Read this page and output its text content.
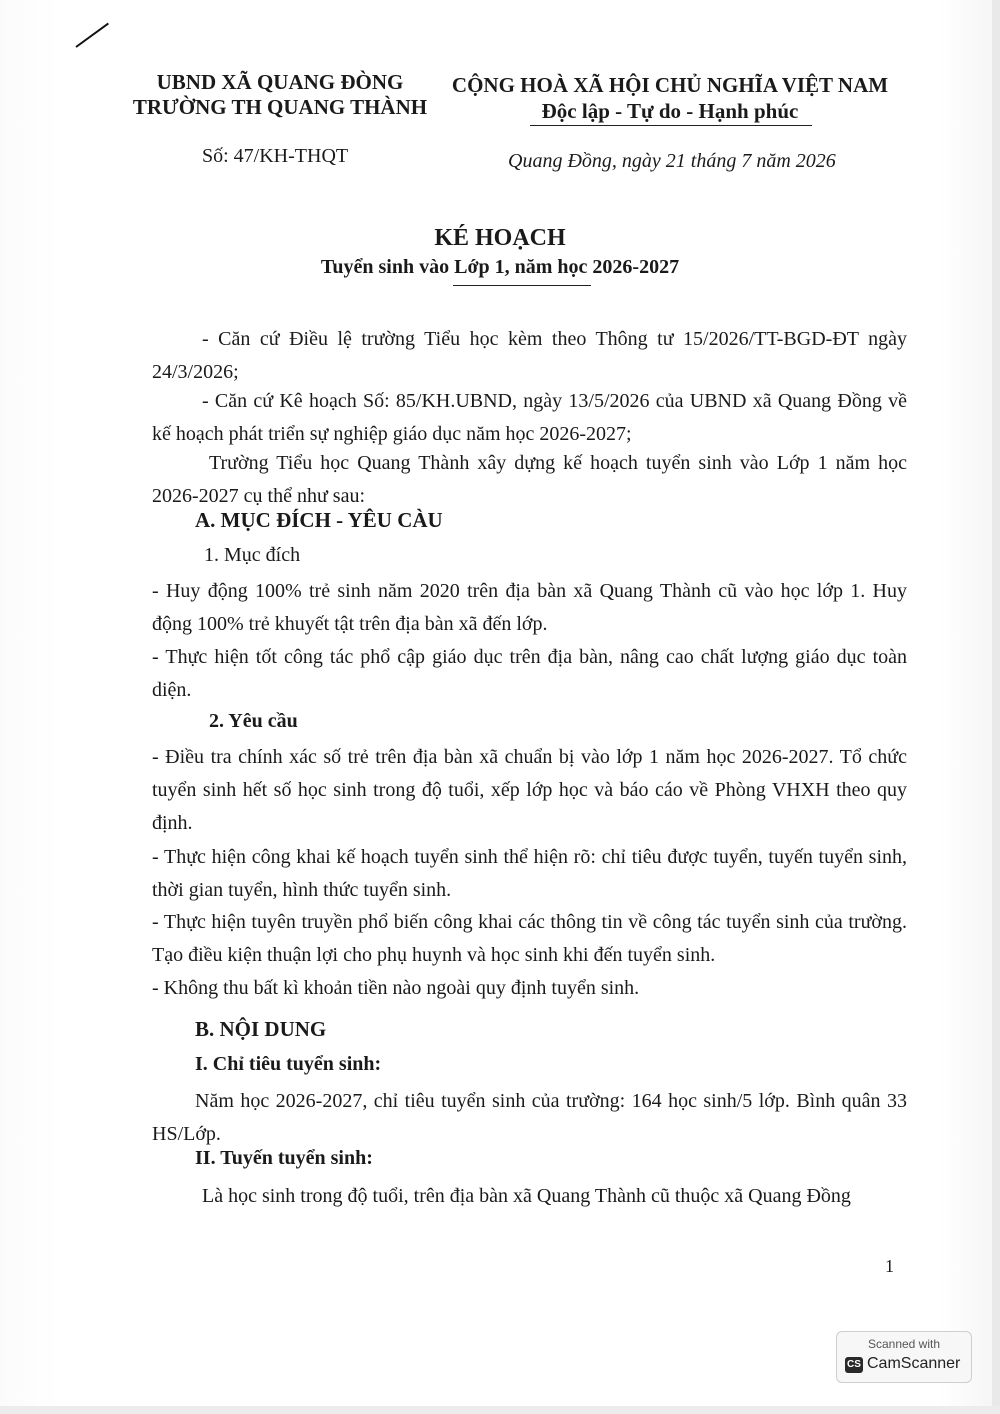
UBND XÃ QUANG ĐÒNG
TRƯỜNG TH QUANG THÀNH
CỘNG HOÀ XÃ HỘI CHỦ NGHĨA VIỆT NAM
Độc lập - Tự do - Hạnh phúc
Số: 47/KH-THQT	Quang Đồng, ngày 21 tháng 7 năm 2026
KÉ HOẠCH
Tuyển sinh vào Lớp 1, năm học 2026-2027
- Căn cứ Điều lệ trường Tiểu học kèm theo Thông tư 15/2026/TT-BGD-ĐT ngày 24/3/2026;
- Căn cứ Kê hoạch Số: 85/KH.UBND, ngày 13/5/2026 của UBND xã Quang Đồng về kế hoạch phát triển sự nghiệp giáo dục năm học 2026-2027;
Trường Tiểu học Quang Thành xây dựng kế hoạch tuyển sinh vào Lớp 1 năm học 2026-2027 cụ thể như sau:
A. MỤC ĐÍCH - YÊU CÀU
1. Mục đích
- Huy động 100% trẻ sinh năm 2020 trên địa bàn xã Quang Thành cũ vào học lớp 1. Huy động 100% trẻ khuyết tật trên địa bàn xã đến lớp.
- Thực hiện tốt công tác phổ cập giáo dục trên địa bàn, nâng cao chất lượng giáo dục toàn diện.
2. Yêu cầu
- Điều tra chính xác số trẻ trên địa bàn xã chuẩn bị vào lớp 1 năm học 2026-2027. Tổ chức tuyển sinh hết số học sinh trong độ tuổi, xếp lớp học và báo cáo về Phòng VHXH theo quy định.
- Thực hiện công khai kế hoạch tuyển sinh thể hiện rõ: chỉ tiêu được tuyển, tuyến tuyển sinh, thời gian tuyển, hình thức tuyển sinh.
- Thực hiện tuyên truyền phổ biến công khai các thông tin về công tác tuyển sinh của trường. Tạo điều kiện thuận lợi cho phụ huynh và học sinh khi đến tuyển sinh.
- Không thu bất kì khoản tiền nào ngoài quy định tuyển sinh.
B. NỘI DUNG
I. Chỉ tiêu tuyển sinh:
Năm học 2026-2027, chỉ tiêu tuyển sinh của trường: 164 học sinh/5 lớp. Bình quân 33 HS/Lớp.
II. Tuyến tuyển sinh:
Là học sinh trong độ tuổi, trên địa bàn xã Quang Thành cũ thuộc xã Quang Đồng
1
Scanned with
CS CamScanner
